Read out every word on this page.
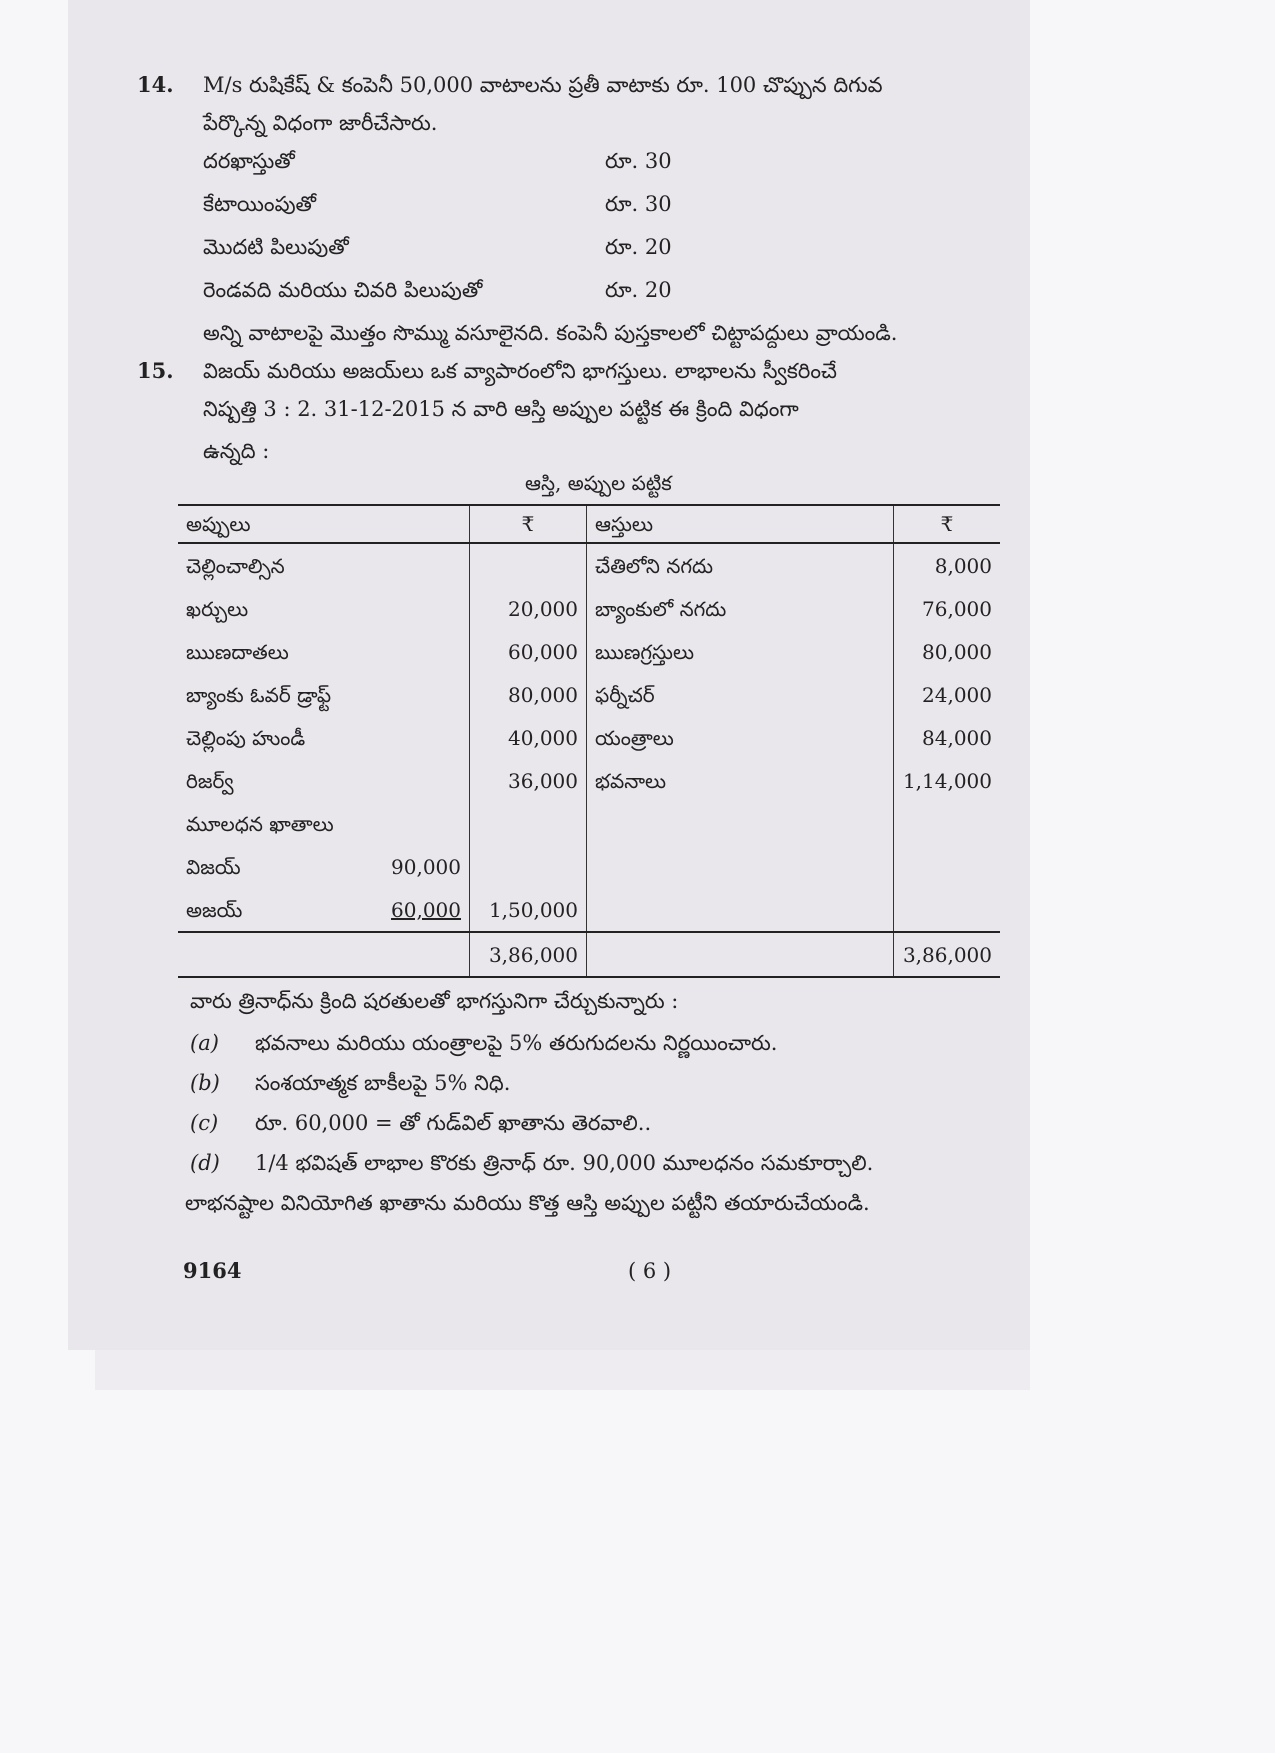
14.	M/s రుషికేష్ & కంపెనీ 50,000 వాటాలను ప్రతీ వాటాకు రూ. 100 చొప్పున దిగువ
పేర్కొన్న విధంగా జారీచేసారు.
దరఖాస్తుతో	రూ. 30
కేటాయింపుతో	రూ. 30
మొదటి పిలుపుతో	రూ. 20
రెండవది మరియు చివరి పిలుపుతో	రూ. 20
అన్ని వాటాలపై మొత్తం సొమ్ము వసూలైనది. కంపెనీ పుస్తకాలలో చిట్టాపద్దులు వ్రాయండి.
15.	విజయ్ మరియు అజయ్‌లు ఒక వ్యాపారంలోని భాగస్తులు. లాభాలను స్వీకరించే
నిష్పత్తి 3 : 2. 31-12-2015 న వారి ఆస్తి అప్పుల పట్టిక ఈ క్రింది విధంగా
ఉన్నది :
ఆస్తి, అప్పుల పట్టిక
అప్పులు	₹	ఆస్తులు	₹
చెల్లించాల్సిన		చేతిలోని నగదు	8,000
ఖర్చులు	20,000	బ్యాంకులో నగదు	76,000
ఋణదాతలు	60,000	ఋణగ్రస్తులు	80,000
బ్యాంకు ఓవర్ డ్రాఫ్ట్	80,000	ఫర్నీచర్	24,000
చెల్లింపు హుండీ	40,000	యంత్రాలు	84,000
రిజర్వ్	36,000	భవనాలు	1,14,000
మూలధన ఖాతాలు			

విజయ్ 90,000			

అజయ్ 60,000	1,50,000		
	3,86,000		3,86,000
వారు త్రినాధ్‌ను క్రింది షరతులతో భాగస్తునిగా చేర్చుకున్నారు :
(a)	భవనాలు మరియు యంత్రాలపై 5% తరుగుదలను నిర్ణయించారు.
(b)	సంశయాత్మక బాకీలపై 5% నిధి.
(c)	రూ. 60,000 = తో గుడ్‌విల్ ఖాతాను తెరవాలి..
(d)	1/4 భవిషత్ లాభాల కొరకు త్రినాధ్ రూ. 90,000 మూలధనం సమకూర్చాలి.
లాభనష్టాల వినియోగిత ఖాతాను మరియు కొత్త ఆస్తి అప్పుల పట్టీని తయారుచేయండి.
9164	( 6 )
